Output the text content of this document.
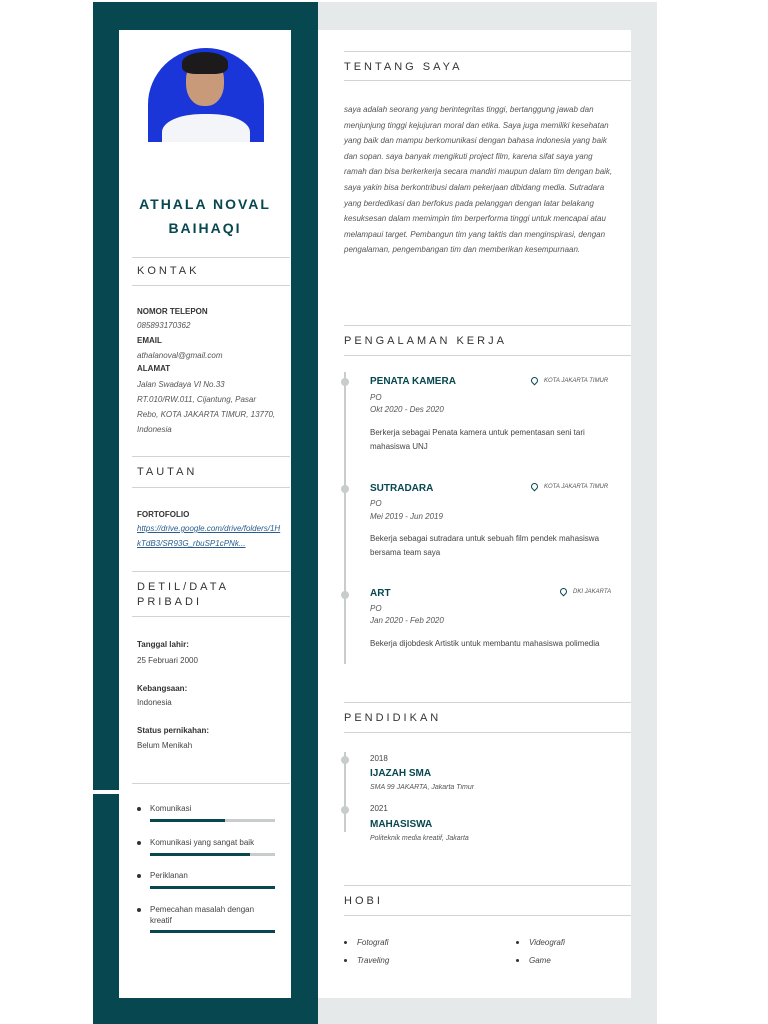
ATHALA NOVAL
BAIHAQI
KONTAK
NOMOR TELEPON
085893170362
EMAIL
athalanoval@gmail.com
ALAMAT
Jalan Swadaya VI No.33 RT.010/RW.011, Cijantung, Pasar Rebo, KOTA JAKARTA TIMUR, 13770, Indonesia
TAUTAN
FORTOFOLIO
https://drive.google.com/drive/folders/1HkTdB3/SR93G_rbuSP1cPNk...
DETIL/DATA
PRIBADI
Tanggal lahir:
25 Februari 2000
Kebangsaan:
Indonesia
Status pernikahan:
Belum Menikah
Komunikasi
Komunikasi yang sangat baik
Periklanan
Pemecahan masalah dengan kreatif
TENTANG SAYA
saya adalah seorang yang berintegritas tinggi, bertanggung jawab dan menjunjung tinggi kejujuran moral dan etika. Saya juga memiliki kesehatan yang baik dan mampu berkomunikasi dengan bahasa indonesia yang baik dan sopan. saya banyak mengikuti project film, karena sifat saya yang ramah dan bisa berkerkerja secara mandiri maupun dalam tim dengan baik, saya yakin bisa berkontribusi dalam pekerjaan dibidang media. Sutradara yang berdedikasi dan berfokus pada pelanggan dengan latar belakang kesuksesan dalam memimpin tim berperforma tinggi untuk mencapai atau melampaui target. Pembangun tim yang taktis dan menginspirasi, dengan pengalaman, pengembangan tim dan memberikan kesempurnaan.
PENGALAMAN KERJA
PENATA KAMERA	KOTA JAKARTA TIMUR
PO
Okt 2020 - Des 2020
Berkerja sebagai Penata kamera untuk pementasan seni tari mahasiswa UNJ
SUTRADARA	KOTA JAKARTA TIMUR
PO
Mei 2019 - Jun 2019
Bekerja sebagai sutradara untuk sebuah film pendek mahasiswa bersama team saya
ART	DKI JAKARTA
PO
Jan 2020 - Feb 2020
Bekerja dijobdesk Artistik untuk membantu mahasiswa polimedia
PENDIDIKAN
2018
IJAZAH SMA
SMA 99 JAKARTA, Jakarta Timur
2021
MAHASISWA
Politeknik media kreatif, Jakarta
HOBI
Fotografi	Videografi
Traveling	Game
